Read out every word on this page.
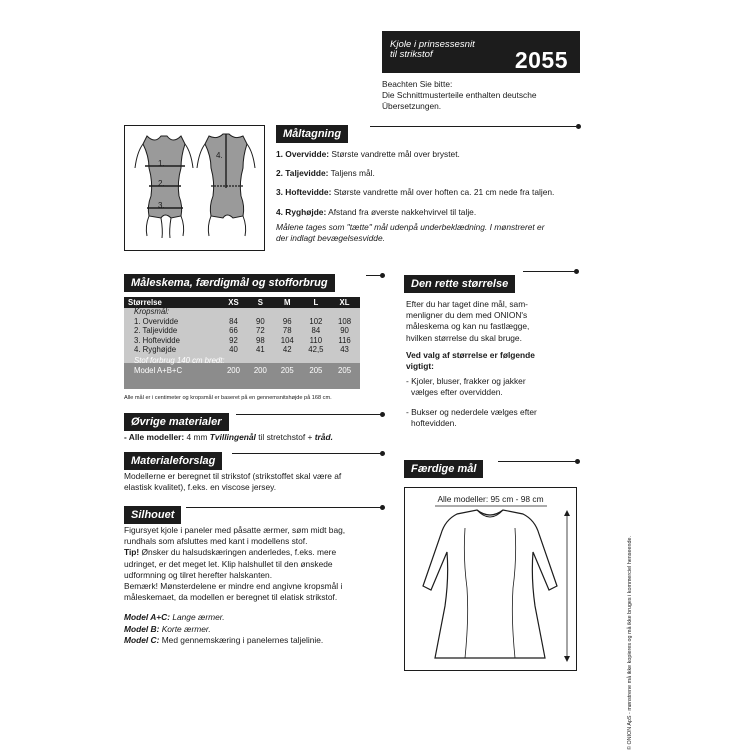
Kjole i prinsessesnit
til strikstof	2055
Beachten Sie bitte:
Die Schnittmusterteile enthalten deutsche
Übersetzungen.
Måltagning
1.
2.
3.
4.	1. Overvidde: Største vandrette mål over brystet.

2. Taljevidde: Taljens mål.

3. Hoftevidde: Største vandrette mål over hoften ca. 21 cm nede fra taljen.

4. Ryghøjde: Afstand fra øverste nakkehvirvel til talje.

Målene tages som "tætte" mål udenpå underbeklædning. I mønstreret er
der indlagt bevægelsesvidde.

Måleskema, færdigmål og stofforbrug
Størrelse	XS	S	M	L	XL
Kropsmål:					
1. Overvidde	84	90	96	102	108
2. Taljevidde	66	72	78	84	90
3. Hoftevidde	92	98	104	110	116
4. Ryghøjde	40	41	42	42,5	43
Stof forbrug 140 cm bredt:					
Model A+B+C	200	200	205	205	205
Alle mål er i centimeter og kropsmål er baseret på en gennemsnitshøjde på 168 cm.
Øvrige materialer
- Alle modeller: 4 mm Tvillingenål til stretchstof + tråd.
Materialeforslag
Modellerne er beregnet til strikstof (strikstoffet skal være af
elastisk kvalitet), f.eks. en viscose jersey.
Silhouet
Figursyet kjole i paneler med påsatte ærmer, søm midt bag,
rundhals som afsluttes med kant i modellens stof.
Tip! Ønsker du halsudskæringen anderledes, f.eks. mere
udringet, er det meget let. Klip halshullet til den ønskede
udformning og tilret herefter halskanten.
Bemærk! Mønsterdelene er mindre end angivne kropsmål i
måleskemaet, da modellen er beregnet til elatisk strikstof.
Model A+C: Lange ærmer.
Model B: Korte ærmer.
Model C: Med gennemskæring i panelernes taljelinie.
Den rette størrelse
Efter du har taget dine mål, sam-
menligner du dem med ONION's
måleskema og kan nu fastlægge,
hvilken størrelse du skal bruge.
Ved valg af størrelse er følgende
vigtigt:
- Kjoler, bluser, frakker og jakker
vælges efter overvidden.
- Bukser og nederdele vælges efter
hoftevidden.
Færdige mål
Alle modeller: 95 cm - 98 cm
© ONION ApS - mønstrene må ikke kopieres og må ikke bruges i kommerciel henseende.
